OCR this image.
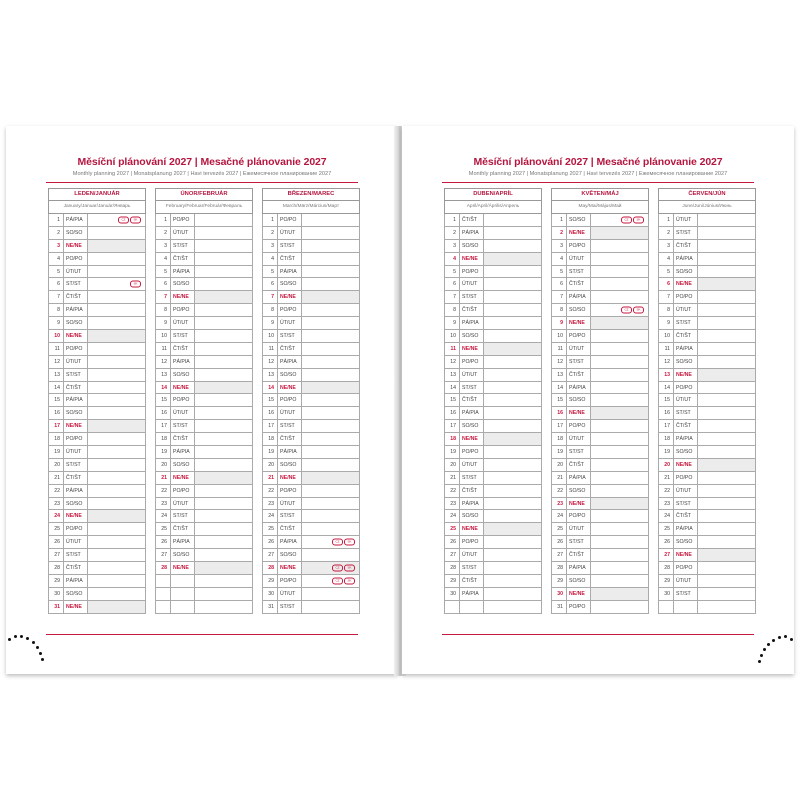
Měsíční plánování 2027 | Mesačné plánovanie 2027
Monthly planning 2027 | Monatsplanung 2027 | Havi tervezés 2027 | Ежемесячное планирование 2027
LEDEN/JANUÁR
January/Januar/Január/Январь
1	PÁ/PIA	CZ	SK
2	SO/SO
3	NE/NE
4	PO/PO
5	ÚT/UT
6	ST/ST	SK
7	ČT/ŠT
8	PÁ/PIA
9	SO/SO
10	NE/NE
11	PO/PO
12	ÚT/UT
13	ST/ST
14	ČT/ŠT
15	PÁ/PIA
16	SO/SO
17	NE/NE
18	PO/PO
19	ÚT/UT
20	ST/ST
21	ČT/ŠT
22	PÁ/PIA
23	SO/SO
24	NE/NE
25	PO/PO
26	ÚT/UT
27	ST/ST
28	ČT/ŠT
29	PÁ/PIA
30	SO/SO
31	NE/NE
ÚNOR/FEBRUÁR
February/Februar/Február/Февраль
1	PO/PO
2	ÚT/UT
3	ST/ST
4	ČT/ŠT
5	PÁ/PIA
6	SO/SO
7	NE/NE
8	PO/PO
9	ÚT/UT
10	ST/ST
11	ČT/ŠT
12	PÁ/PIA
13	SO/SO
14	NE/NE
15	PO/PO
16	ÚT/UT
17	ST/ST
18	ČT/ŠT
19	PÁ/PIA
20	SO/SO
21	NE/NE
22	PO/PO
23	ÚT/UT
24	ST/ST
25	ČT/ŠT
26	PÁ/PIA
27	SO/SO
28	NE/NE
BŘEZEN/MAREC
March/März/Március/Март
1	PO/PO
2	ÚT/UT
3	ST/ST
4	ČT/ŠT
5	PÁ/PIA
6	SO/SO
7	NE/NE
8	PO/PO
9	ÚT/UT
10	ST/ST
11	ČT/ŠT
12	PÁ/PIA
13	SO/SO
14	NE/NE
15	PO/PO
16	ÚT/UT
17	ST/ST
18	ČT/ŠT
19	PÁ/PIA
20	SO/SO
21	NE/NE
22	PO/PO
23	ÚT/UT
24	ST/ST
25	ČT/ŠT
26	PÁ/PIA	CZ	SK
27	SO/SO
28	NE/NE	CZ	SK
29	PO/PO	CZ	SK
30	ÚT/UT
31	ST/ST
Měsíční plánování 2027 | Mesačné plánovanie 2027
Monthly planning 2027 | Monatsplanung 2027 | Havi tervezés 2027 | Ежемесячное планирование 2027
DUBEN/APRÍL
April/April/Április/Апрель
1	ČT/ŠT
2	PÁ/PIA
3	SO/SO
4	NE/NE
5	PO/PO
6	ÚT/UT
7	ST/ST
8	ČT/ŠT
9	PÁ/PIA
10	SO/SO
11	NE/NE
12	PO/PO
13	ÚT/UT
14	ST/ST
15	ČT/ŠT
16	PÁ/PIA
17	SO/SO
18	NE/NE
19	PO/PO
20	ÚT/UT
21	ST/ST
22	ČT/ŠT
23	PÁ/PIA
24	SO/SO
25	NE/NE
26	PO/PO
27	ÚT/UT
28	ST/ST
29	ČT/ŠT
30	PÁ/PIA
KVĚTEN/MÁJ
May/Mai/Május/Май
1	SO/SO	CZ	SK
2	NE/NE
3	PO/PO
4	ÚT/UT
5	ST/ST
6	ČT/ŠT
7	PÁ/PIA
8	SO/SO	CZ	SK
9	NE/NE
10	PO/PO
11	ÚT/UT
12	ST/ST
13	ČT/ŠT
14	PÁ/PIA
15	SO/SO
16	NE/NE
17	PO/PO
18	ÚT/UT
19	ST/ST
20	ČT/ŠT
21	PÁ/PIA
22	SO/SO
23	NE/NE
24	PO/PO
25	ÚT/UT
26	ST/ST
27	ČT/ŠT
28	PÁ/PIA
29	SO/SO
30	NE/NE
31	PO/PO
ČERVEN/JÚN
June/Juni/Június/Июнь
1	ÚT/UT
2	ST/ST
3	ČT/ŠT
4	PÁ/PIA
5	SO/SO
6	NE/NE
7	PO/PO
8	ÚT/UT
9	ST/ST
10	ČT/ŠT
11	PÁ/PIA
12	SO/SO
13	NE/NE
14	PO/PO
15	ÚT/UT
16	ST/ST
17	ČT/ŠT
18	PÁ/PIA
19	SO/SO
20	NE/NE
21	PO/PO
22	ÚT/UT
23	ST/ST
24	ČT/ŠT
25	PÁ/PIA
26	SO/SO
27	NE/NE
28	PO/PO
29	ÚT/UT
30	ST/ST
